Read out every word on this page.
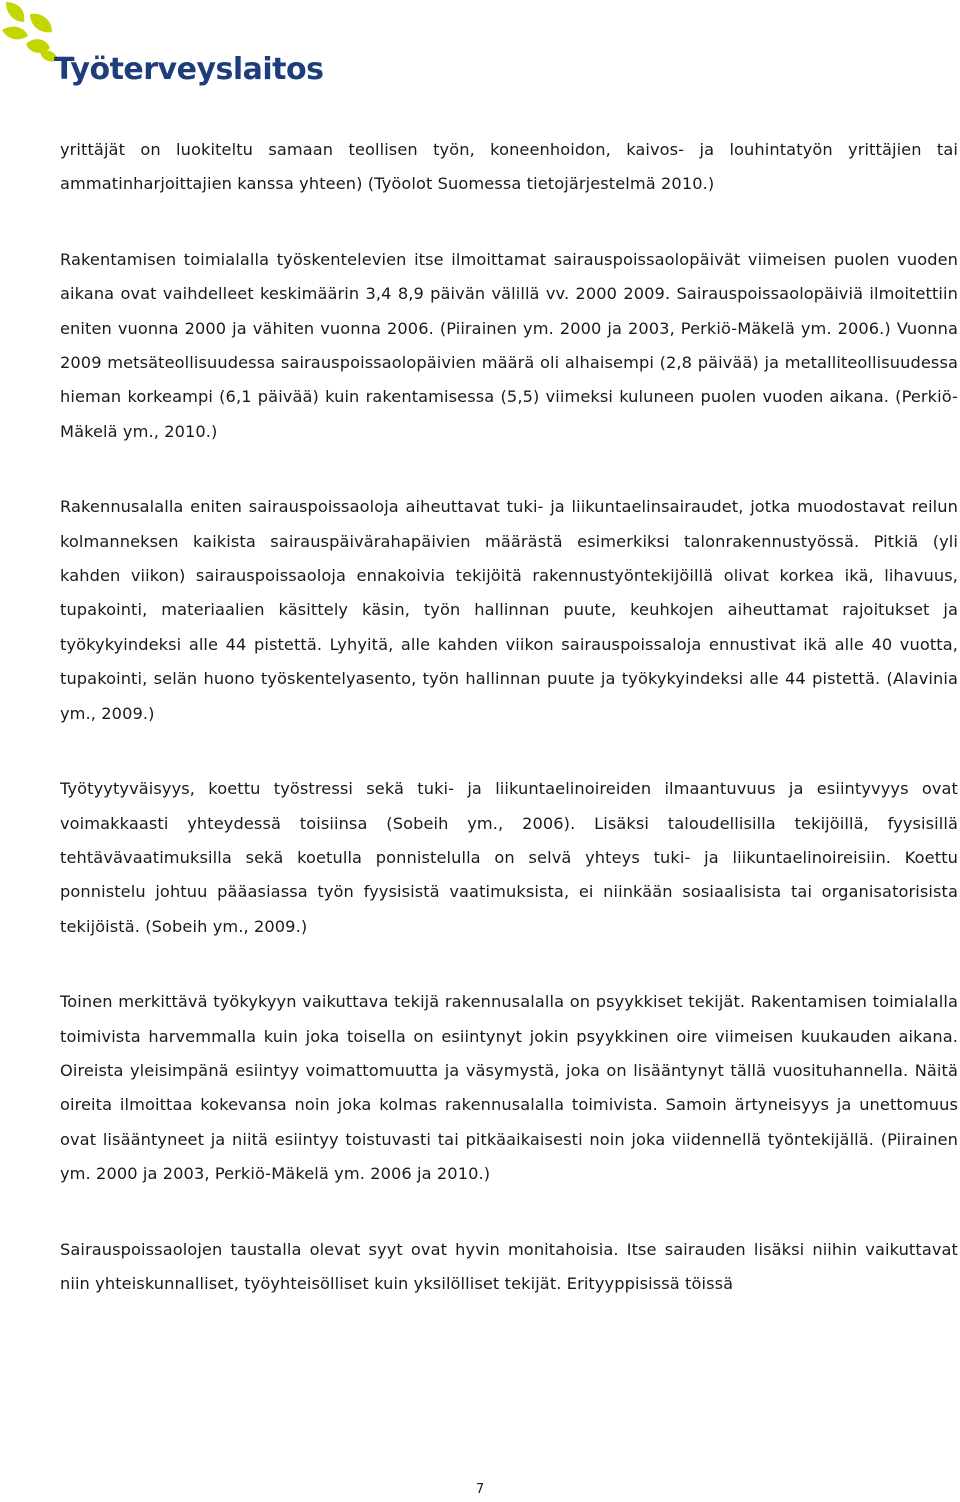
Työterveyslaitos

yrittäjät on luokiteltu samaan teollisen työn, koneenhoidon, kaivos- ja louhintatyön yrittäjien tai ammatinharjoittajien kanssa yhteen) (Työolot Suomessa tietojärjestelmä 2010.)

Rakentamisen toimialalla työskentelevien itse ilmoittamat sairauspoissaolopäivät viimeisen puolen vuoden aikana ovat vaihdelleet keskimäärin 3,4 8,9 päivän välillä vv. 2000 2009. Sairauspoissaolopäiviä ilmoitettiin eniten vuonna 2000 ja vähiten vuonna 2006. (Piirainen ym. 2000 ja 2003, Perkiö-Mäkelä ym. 2006.) Vuonna 2009 metsäteollisuudessa sairauspoissaolopäivien määrä oli alhaisempi (2,8 päivää) ja metalliteollisuudessa hieman korkeampi (6,1 päivää) kuin rakentamisessa (5,5) viimeksi kuluneen puolen vuoden aikana. (Perkiö-Mäkelä ym., 2010.)

Rakennusalalla eniten sairauspoissaoloja aiheuttavat tuki- ja liikuntaelinsairaudet, jotka muodostavat reilun kolmanneksen kaikista sairauspäivärahapäivien määrästä esimerkiksi talonrakennustyössä. Pitkiä (yli kahden viikon) sairauspoissaoloja ennakoivia tekijöitä rakennustyöntekijöillä olivat korkea ikä, lihavuus, tupakointi, materiaalien käsittely käsin, työn hallinnan puute, keuhkojen aiheuttamat rajoitukset ja työkykyindeksi alle 44 pistettä. Lyhyitä, alle kahden viikon sairauspoissaloja ennustivat ikä alle 40 vuotta, tupakointi, selän huono työskentelyasento, työn hallinnan puute ja työkykyindeksi alle 44 pistettä. (Alavinia ym., 2009.)

Työtyytyväisyys, koettu työstressi sekä tuki- ja liikuntaelinoireiden ilmaantuvuus ja esiintyvyys ovat voimakkaasti yhteydessä toisiinsa (Sobeih ym., 2006). Lisäksi taloudellisilla tekijöillä, fyysisillä tehtävävaatimuksilla sekä koetulla ponnistelulla on selvä yhteys tuki- ja liikuntaelinoireisiin. Koettu ponnistelu johtuu pääasiassa työn fyysisistä vaatimuksista, ei niinkään sosiaalisista tai organisatorisista tekijöistä. (Sobeih ym., 2009.)

Toinen merkittävä työkykyyn vaikuttava tekijä rakennusalalla on psyykkiset tekijät. Rakentamisen toimialalla toimivista harvemmalla kuin joka toisella on esiintynyt jokin psyykkinen oire viimeisen kuukauden aikana. Oireista yleisimpänä esiintyy voimattomuutta ja väsymystä, joka on lisääntynyt tällä vuosituhannella. Näitä oireita ilmoittaa kokevansa noin joka kolmas rakennusalalla toimivista. Samoin ärtyneisyys ja unettomuus ovat lisääntyneet ja niitä esiintyy toistuvasti tai pitkäaikaisesti noin joka viidennellä työntekijällä. (Piirainen ym. 2000 ja 2003, Perkiö-Mäkelä ym. 2006 ja 2010.)

Sairauspoissaolojen taustalla olevat syyt ovat hyvin monitahoisia. Itse sairauden lisäksi niihin vaikuttavat niin yhteiskunnalliset, työyhteisölliset kuin yksilölliset tekijät. Erityyppisissä töissä

7
